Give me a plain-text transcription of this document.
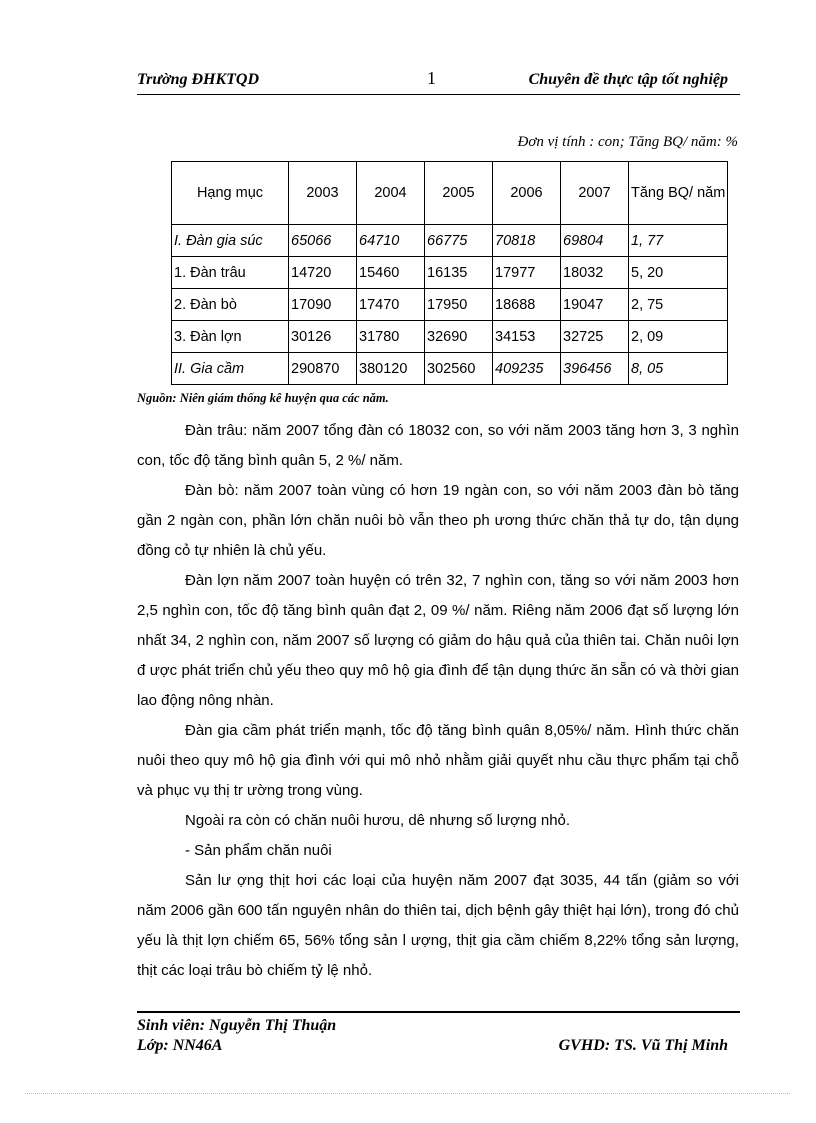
Trường ĐHKTQD	1	Chuyên đề thực tập tốt nghiệp
Đơn vị tính : con; Tăng BQ/ năm: %
Hạng mục	2003	2004	2005	2006	2007	Tăng BQ/ năm
I. Đàn gia súc	65066	64710	66775	70818	69804	1, 77
1. Đàn trâu	14720	15460	16135	17977	18032	5, 20
2. Đàn bò	17090	17470	17950	18688	19047	2, 75
3. Đàn lợn	30126	31780	32690	34153	32725	2, 09
II. Gia cầm	290870	380120	302560	409235	396456	8, 05
Nguồn: Niên giám thống kê huyện qua các năm.

Đàn trâu: năm 2007 tổng đàn có 18032 con, so với năm 2003 tăng hơn 3, 3 nghìn con, tốc độ tăng bình quân 5, 2 %/ năm.

Đàn bò: năm 2007 toàn vùng có hơn 19 ngàn con, so với năm 2003 đàn bò tăng gần 2 ngàn con, phần lớn chăn nuôi bò vẫn theo ph ương thức chăn thả tự do, tận dụng đồng cỏ tự nhiên là chủ yếu.

Đàn lợn năm 2007 toàn huyện có trên 32, 7 nghìn con, tăng so với năm 2003 hơn 2,5 nghìn con, tốc độ tăng bình quân đạt 2, 09 %/ năm. Riêng năm 2006 đạt số lượng lớn nhất 34, 2 nghìn con, năm 2007 số lượng có giảm do hậu quả của thiên tai. Chăn nuôi lợn đ ược phát triển chủ yếu theo quy mô hộ gia đình để tận dụng thức ăn sẵn có và thời gian lao động nông nhàn.

Đàn gia cầm phát triển mạnh, tốc độ tăng bình quân 8,05%/ năm. Hình thức chăn nuôi theo quy mô hộ gia đình với qui mô nhỏ nhằm giải quyết nhu cầu thực phẩm tại chỗ và phục vụ thị tr ường trong vùng.

Ngoài ra còn có chăn nuôi hươu, dê nhưng số lượng nhỏ.

- Sản phẩm chăn nuôi

Sản lư ợng thịt hơi các loại của huyện năm 2007 đạt 3035, 44 tấn (giảm so với năm 2006 gần 600 tấn nguyên nhân do thiên tai, dịch bệnh gây thiệt hại lớn), trong đó chủ yếu là thịt lợn chiếm 65, 56% tổng sản l ượng, thịt gia cầm chiếm 8,22% tổng sản lượng, thịt các loại trâu bò chiếm tỷ lệ nhỏ.

Sinh viên: Nguyễn Thị Thuận
Lớp: NN46A	GVHD: TS. Vũ Thị Minh
